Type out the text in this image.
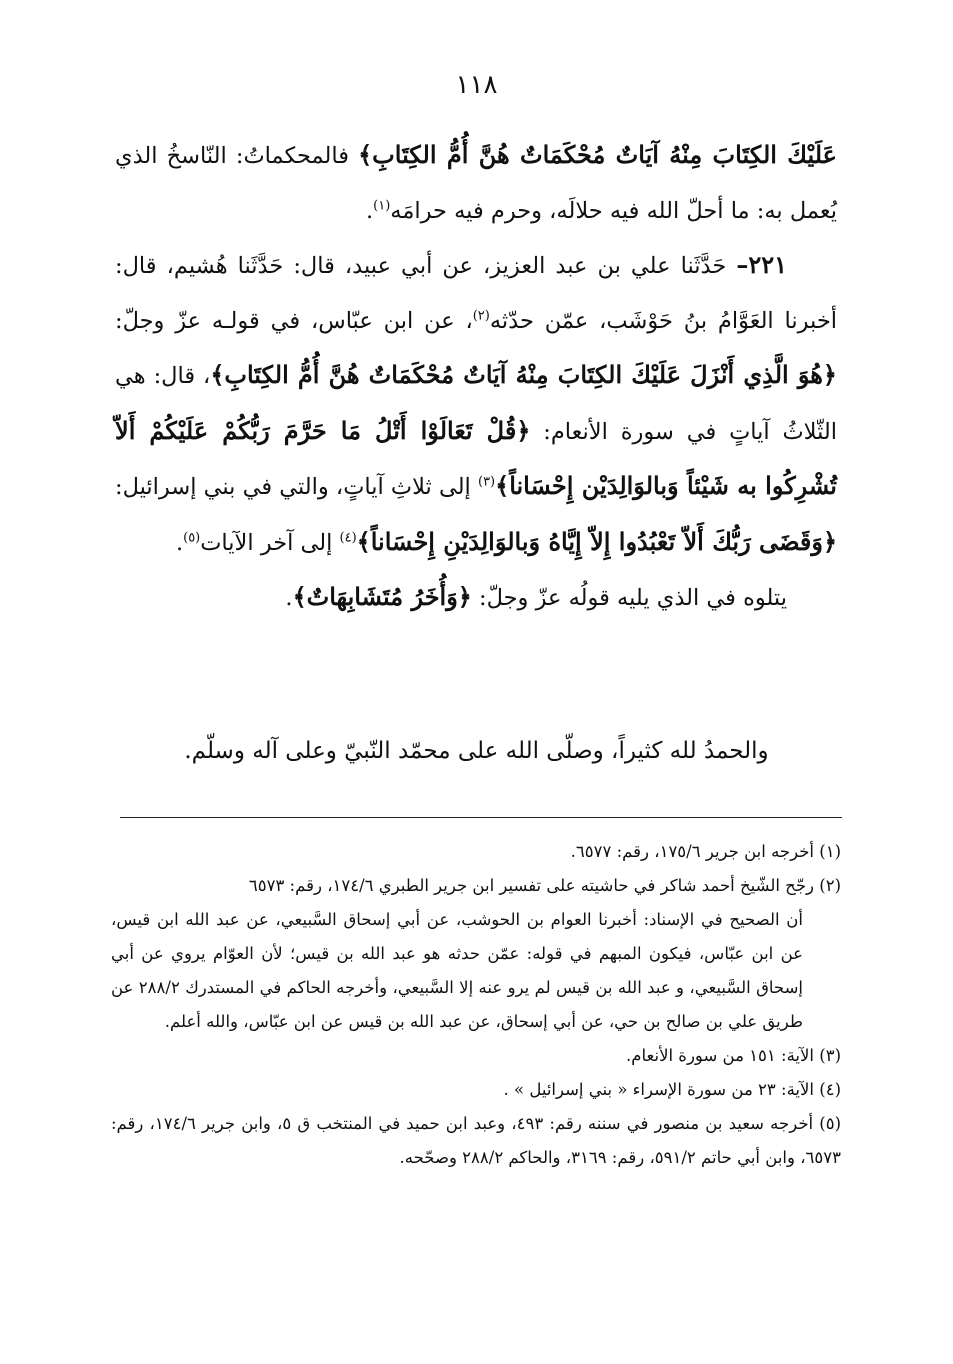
١١٨

عَلَيْكَ الكِتَابَ مِنْهُ آيَاتٌ مُحْكَمَاتٌ هُنَّ أُمُّ الكِتَابِ﴾ فالمحكماتُ: النّاسخُ الذي يُعمل به: ما أحلّ الله فيه حلالَه، وحرم فيه حرامَه$^{(١)}$.

٢٢١– حَدَّثَنا علي بن عبد العزيز، عن أبي عبيد، قال: حَدَّثَنا هُشيم، قال: أخبرنا العَوَّامُ بنُ حَوْشَب، عمّن حدّثه$^{(٢)}$، عن ابن عبّاس، في قولـه عزّ وجلّ: ﴿هُوَ الَّذِي أَنْزَلَ عَلَيْكَ الكِتَابَ مِنْهُ آيَاتٌ مُحْكَمَاتٌ هُنَّ أُمُّ الكِتَابِ﴾، قال: هي الثّلاثُ آياتٍ في سورة الأنعام: ﴿قُلْ تَعَالَوْا أَتْلُ مَا حَرَّمَ رَبُّكُمْ عَلَيْكُمْ أَلاّ تُشْرِكُوا به شَيْئاً وَبالوَالِدَيْن إِحْسَاناً﴾$^{(٣)}$ إلى ثلاثِ آياتٍ، والتي في بني إسرائيل: ﴿وَقَضَى رَبُّكَ أَلاّ تَعْبُدُوا إِلاّ إِيَّاهُ وَبالوَالِدَيْنِ إِحْسَاناً﴾$^{(٤)}$ إلى آخر الآيات$^{(٥)}$.

يتلوه في الذي يليه قولُه عزّ وجلّ: ﴿وَأُخَرُ مُتَشَابِهَاتٌ﴾.

والحمدُ لله كثيراً، وصلّى الله على محمّد النّبيّ وعلى آله وسلّم.

(١) أخرجه ابن جرير ١٧٥/٦، رقم: ٦٥٧٧.

(٢) رجّح الشّيخ أحمد شاكر في حاشيته على تفسير ابن جرير الطبري ١٧٤/٦، رقم: ٦٥٧٣

أن الصحيح في الإسناد: أخبرنا العوام بن الحوشب، عن أبي إسحاق السَّبيعي، عن عبد الله ابن قيس، عن ابن عبّاس، فيكون المبهم في قوله: عمّن حدثه هو عبد الله بن قيس؛ لأن العوّام يروي عن أبي إسحاق السَّبيعي، و عبد الله بن قيس لم يرو عنه إلا السَّبيعي، وأخرجه الحاكم في المستدرك ٢٨٨/٢ عن طريق علي بن صالح بن حي، عن أبي إسحاق، عن عبد الله بن قيس عن ابن عبّاس، والله أعلم.

(٣) الآية: ١٥١ من سورة الأنعام.

(٤) الآية: ٢٣ من سورة الإسراء « بني إسرائيل » .

(٥) أخرجه سعيد بن منصور في سننه رقم: ٤٩٣، وعبد ابن حميد في المنتخب ق ٥، وابن جرير ١٧٤/٦، رقم: ٦٥٧٣، وابن أبي حاتم ٥٩١/٢، رقم: ٣١٦٩، والحاكم ٢٨٨/٢ وصحّحه.
